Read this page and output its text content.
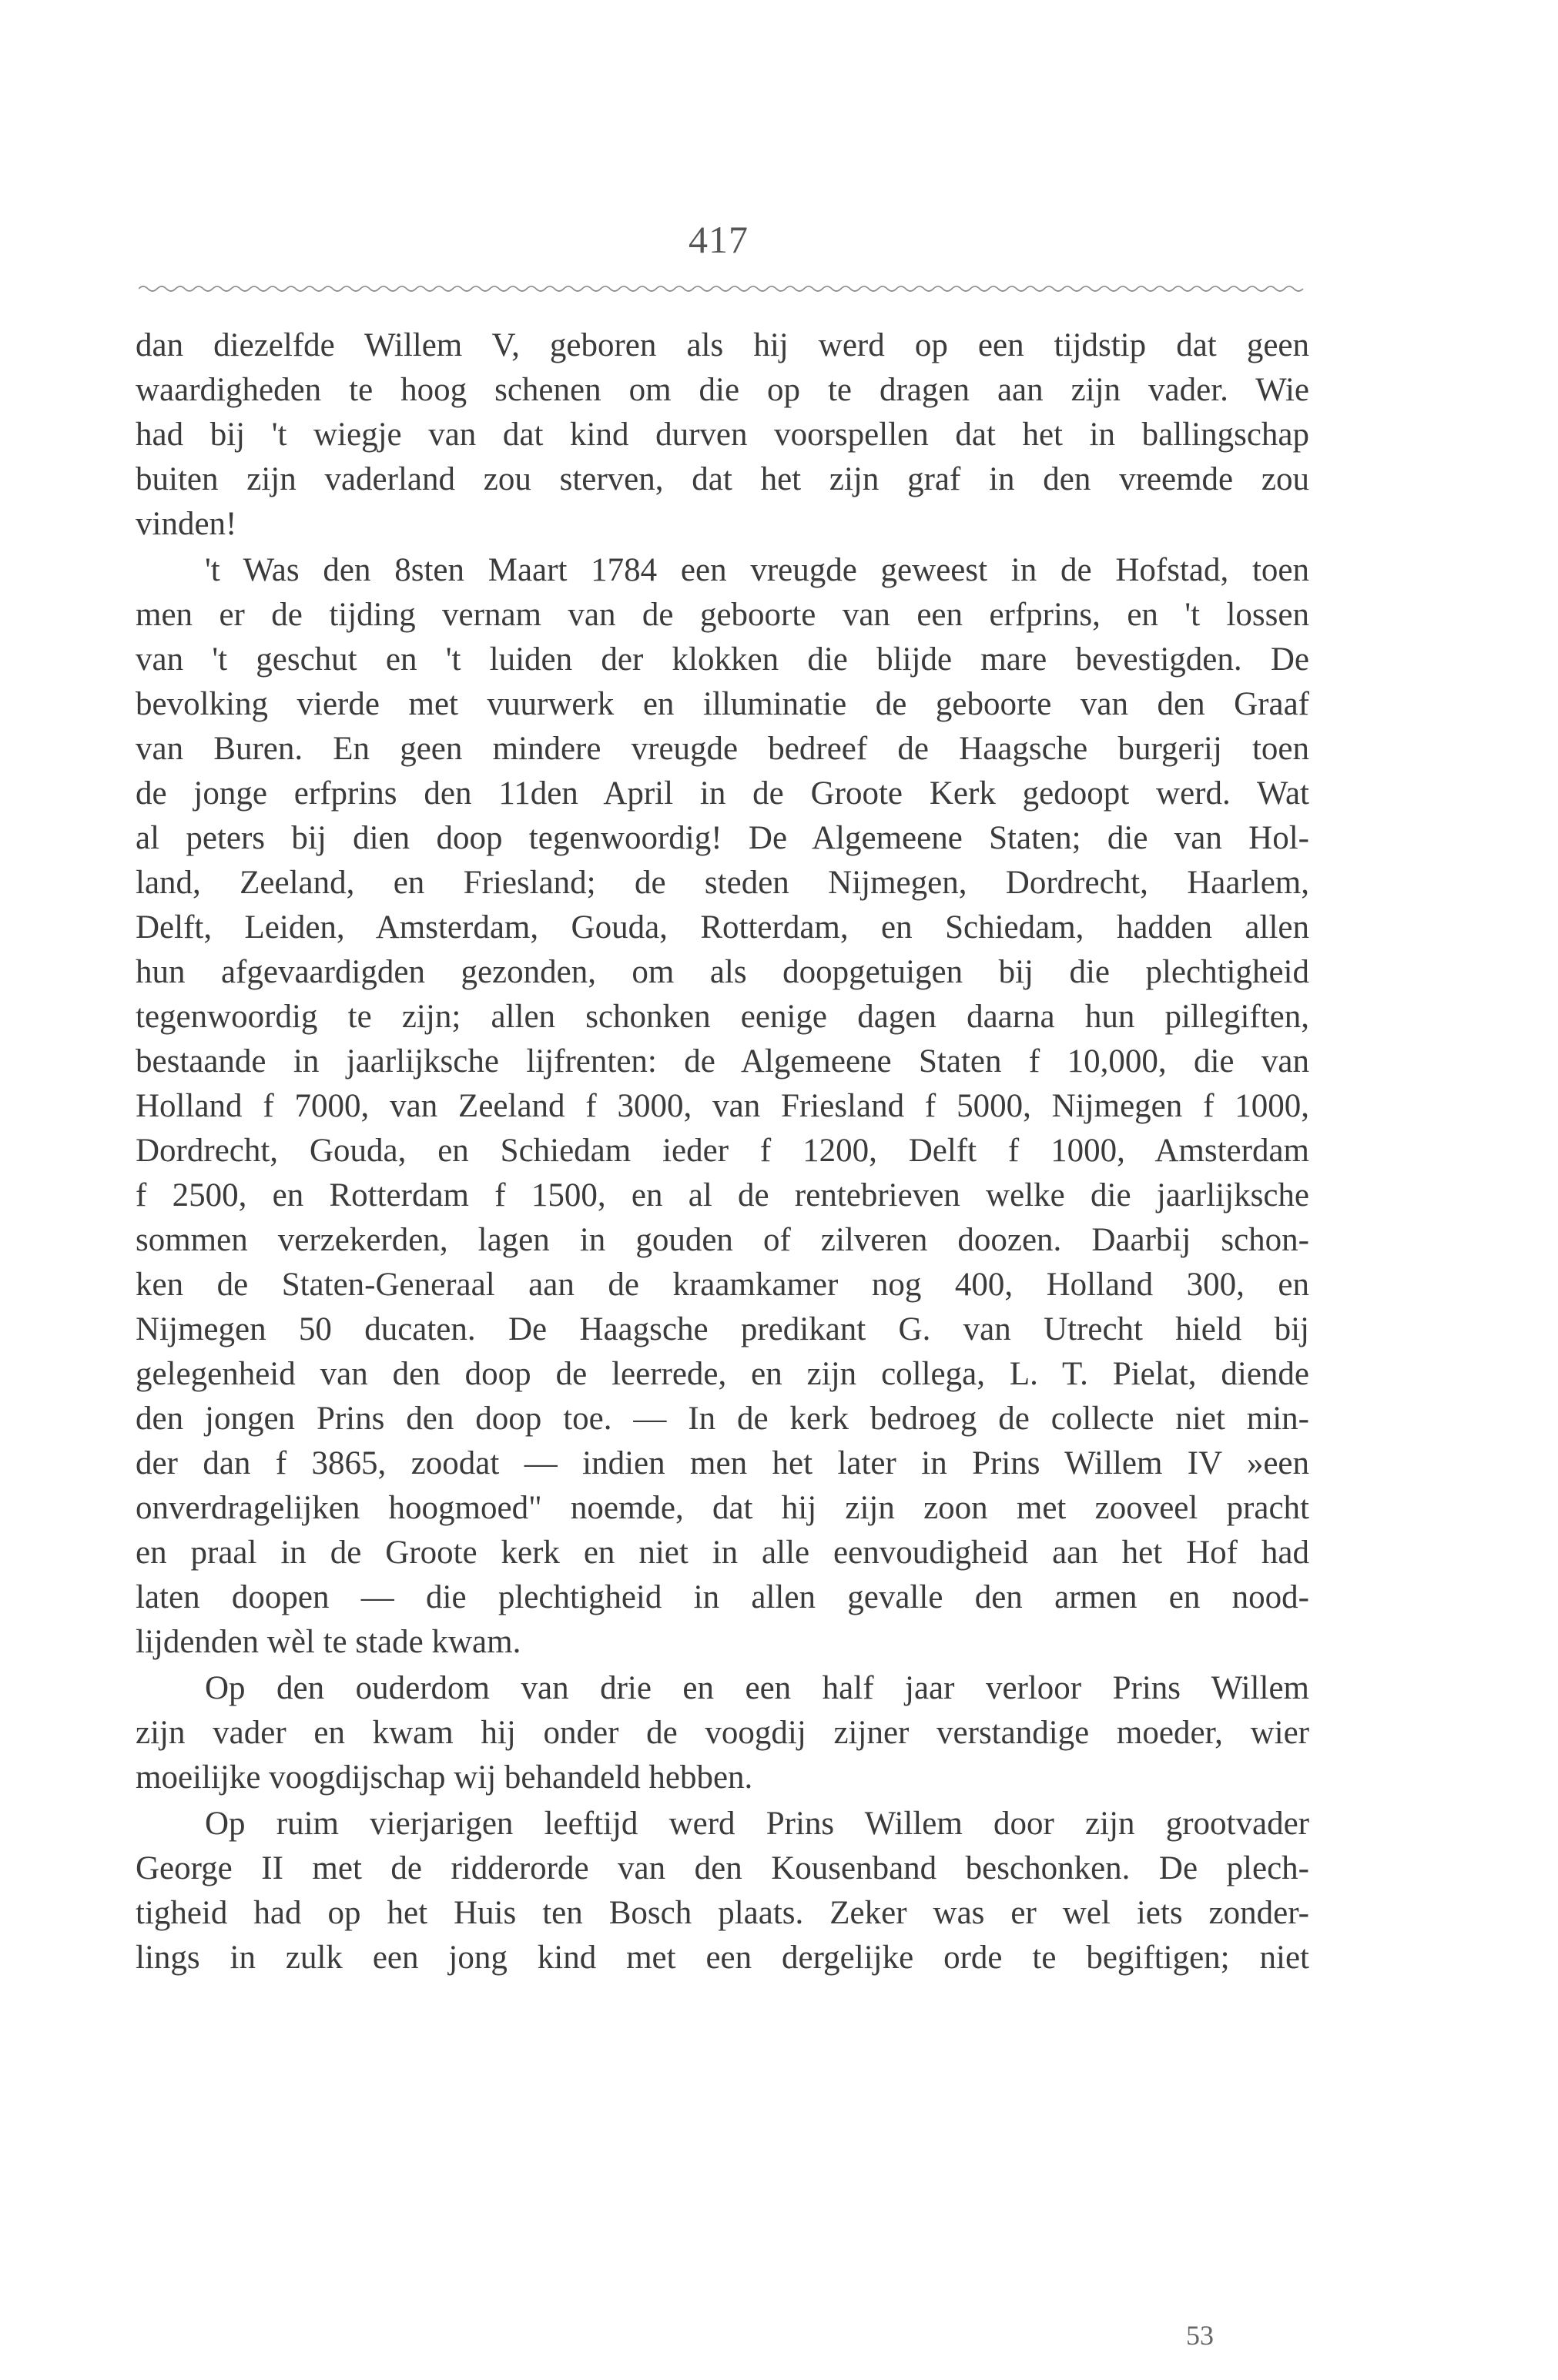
417

dan diezelfde Willem V, geboren als hij werd op een tijdstip dat geen
waardigheden te hoog schenen om die op te dragen aan zijn vader. Wie
had bij 't wiegje van dat kind durven voorspellen dat het in ballingschap
buiten zijn vaderland zou sterven, dat het zijn graf in den vreemde zou
vinden!

't Was den 8sten Maart 1784 een vreugde geweest in de Hofstad, toen
men er de tijding vernam van de geboorte van een erfprins, en 't lossen
van 't geschut en 't luiden der klokken die blijde mare bevestigden. De
bevolking vierde met vuurwerk en illuminatie de geboorte van den Graaf
van Buren. En geen mindere vreugde bedreef de Haagsche burgerij toen
de jonge erfprins den 11den April in de Groote Kerk gedoopt werd. Wat
al peters bij dien doop tegenwoordig! De Algemeene Staten; die van Hol-
land, Zeeland, en Friesland; de steden Nijmegen, Dordrecht, Haarlem,
Delft, Leiden, Amsterdam, Gouda, Rotterdam, en Schiedam, hadden allen
hun afgevaardigden gezonden, om als doopgetuigen bij die plechtigheid
tegenwoordig te zijn; allen schonken eenige dagen daarna hun pillegiften,
bestaande in jaarlijksche lijfrenten: de Algemeene Staten f 10,000, die van
Holland f 7000, van Zeeland f 3000, van Friesland f 5000, Nijmegen f 1000,
Dordrecht, Gouda, en Schiedam ieder f 1200, Delft f 1000, Amsterdam
f 2500, en Rotterdam f 1500, en al de rentebrieven welke die jaarlijksche
sommen verzekerden, lagen in gouden of zilveren doozen. Daarbij schon-
ken de Staten-Generaal aan de kraamkamer nog 400, Holland 300, en
Nijmegen 50 ducaten. De Haagsche predikant G. van Utrecht hield bij
gelegenheid van den doop de leerrede, en zijn collega, L. T. Pielat, diende
den jongen Prins den doop toe. — In de kerk bedroeg de collecte niet min-
der dan f 3865, zoodat — indien men het later in Prins Willem IV »een
onverdragelijken hoogmoed" noemde, dat hij zijn zoon met zooveel pracht
en praal in de Groote kerk en niet in alle eenvoudigheid aan het Hof had
laten doopen — die plechtigheid in allen gevalle den armen en nood-
lijdenden wèl te stade kwam.

Op den ouderdom van drie en een half jaar verloor Prins Willem
zijn vader en kwam hij onder de voogdij zijner verstandige moeder, wier
moeilijke voogdijschap wij behandeld hebben.

Op ruim vierjarigen leeftijd werd Prins Willem door zijn grootvader
George II met de ridderorde van den Kousenband beschonken. De plech-
tigheid had op het Huis ten Bosch plaats. Zeker was er wel iets zonder-
lings in zulk een jong kind met een dergelijke orde te begiftigen; niet

53
